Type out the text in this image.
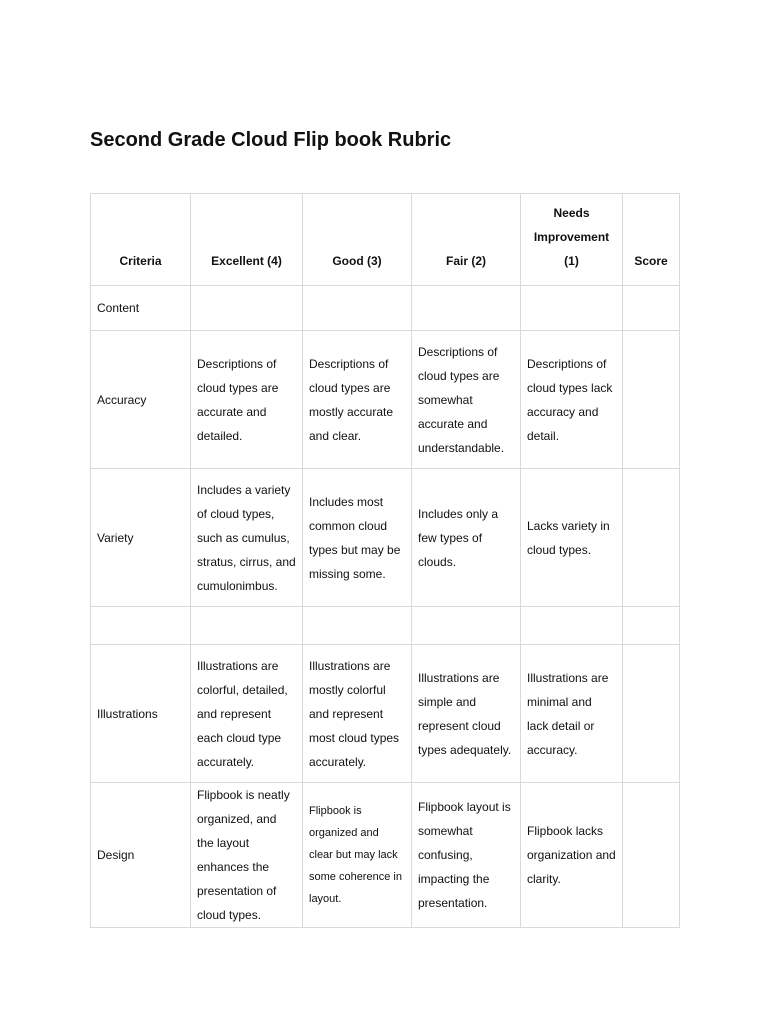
Second Grade Cloud Flip book Rubric
Criteria	Excellent (4)	Good (3)	Fair (2)	Needs Improvement (1)	Score
Content					
Accuracy	Descriptions of cloud types are accurate and detailed.	Descriptions of cloud types are mostly accurate and clear.	Descriptions of cloud types are somewhat accurate and understandable.	Descriptions of cloud types lack accuracy and detail.	
Variety	Includes a variety of cloud types, such as cumulus, stratus, cirrus, and cumulonimbus.	Includes most common cloud types but may be missing some.	Includes only a few types of clouds.	Lacks variety in cloud types.	

Illustrations	Illustrations are colorful, detailed, and represent each cloud type accurately.	Illustrations are mostly colorful and represent most cloud types accurately.	Illustrations are simple and represent cloud types adequately.	Illustrations are minimal and lack detail or accuracy.	
Design	Flipbook is neatly organized, and the layout enhances the presentation of cloud types.	Flipbook is organized and clear but may lack some coherence in layout.	Flipbook layout is somewhat confusing, impacting the presentation.	Flipbook lacks organization and clarity.	
